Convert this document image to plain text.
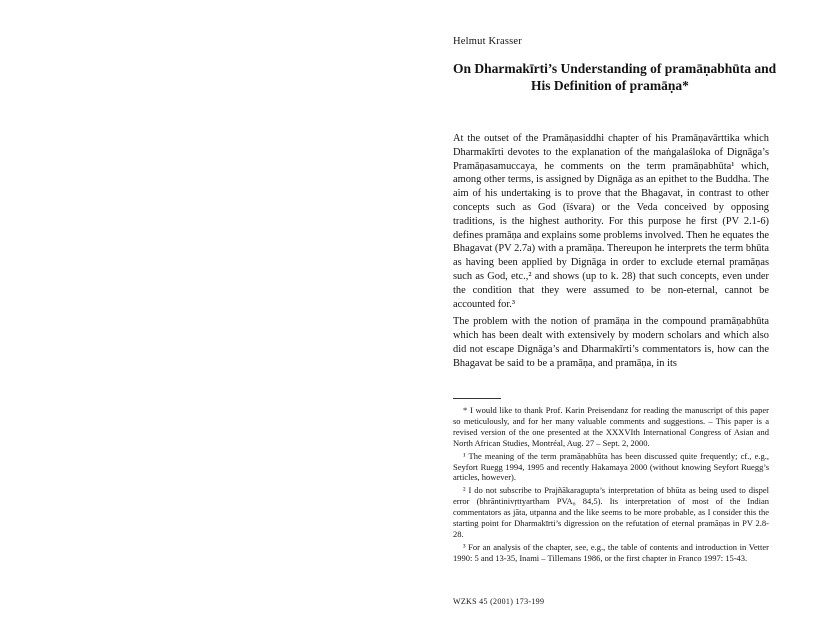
Helmut Krasser
On Dharmakīrti’s Understanding of pramāṇabhūta and
His Definition of pramāṇa*

At the outset of the Pramāṇasiddhi chapter of his Pramāṇavārttika which Dharmakīrti devotes to the explanation of the maṅgalaśloka of Dignāga’s Pramāṇasamuccaya, he comments on the term pramāṇabhūta¹ which, among other terms, is assigned by Dignāga as an epithet to the Buddha. The aim of his undertaking is to prove that the Bhagavat, in contrast to other concepts such as God (īśvara) or the Veda conceived by opposing traditions, is the highest authority. For this purpose he first (PV 2.1-6) defines pramāṇa and explains some problems involved. Then he equates the Bhagavat (PV 2.7a) with a pramāṇa. Thereupon he interprets the term bhūta as having been applied by Dignāga in order to exclude eternal pramāṇas such as God, etc.,² and shows (up to k. 28) that such concepts, even under the condition that they were assumed to be non-eternal, cannot be accounted for.³

The problem with the notion of pramāṇa in the compound pramāṇabhūta which has been dealt with extensively by modern scholars and which also did not escape Dignāga’s and Dharmakīrti’s commentators is, how can the Bhagavat be said to be a pramāṇa, and pramāṇa, in its

* I would like to thank Prof. Karin Preisendanz for reading the manuscript of this paper so meticulously, and for her many valuable comments and suggestions. – This paper is a revised version of the one presented at the XXXVIth International Congress of Asian and North African Studies, Montréal, Aug. 27 – Sept. 2, 2000.

¹ The meaning of the term pramāṇabhūta has been discussed quite frequently; cf., e.g., Seyfort Ruegg 1994, 1995 and recently Hakamaya 2000 (without knowing Seyfort Ruegg’s articles, however).

² I do not subscribe to Prajñākaragupta’s interpretation of bhūta as being used to dispel error (bhrāntinivṛttyartham PVA₈ 84,5). Its interpretation of most of the Indian commentators as jāta, utpanna and the like seems to be more probable, as I consider this the starting point for Dharmakīrti’s digression on the refutation of eternal pramāṇas in PV 2.8-28.

³ For an analysis of the chapter, see, e.g., the table of contents and introduction in Vetter 1990: 5 and 13-35, Inami – Tillemans 1986, or the first chapter in Franco 1997: 15-43.

WZKS 45 (2001) 173-199
